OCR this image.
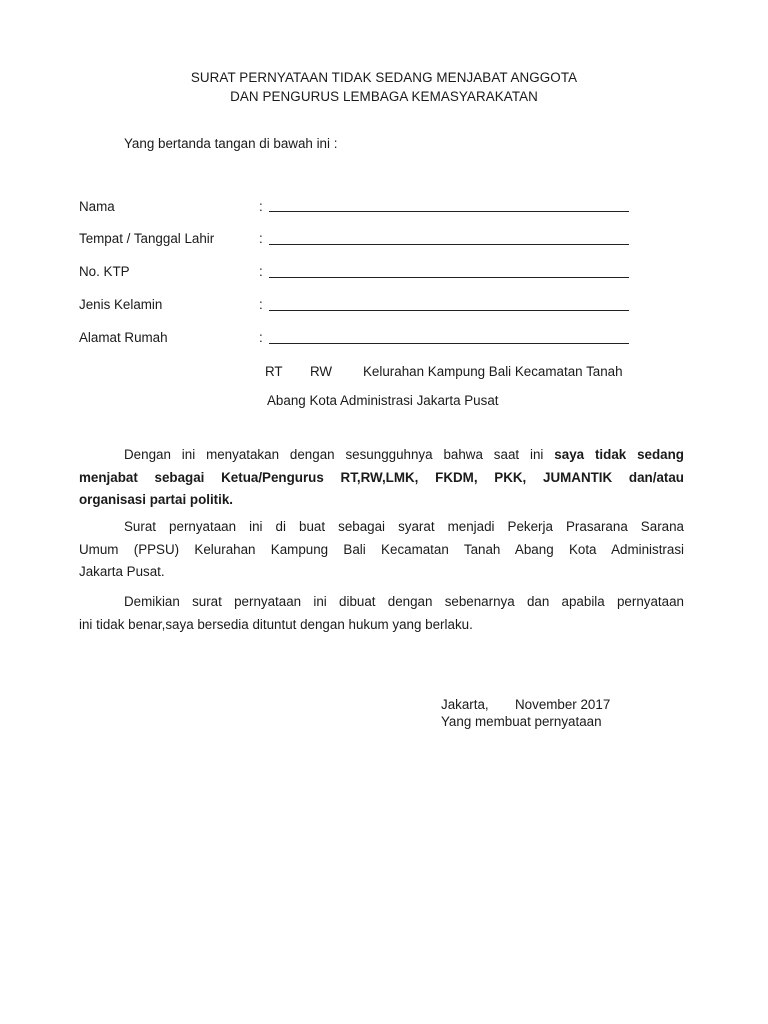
SURAT PERNYATAAN TIDAK SEDANG MENJABAT ANGGOTA
DAN PENGURUS LEMBAGA KEMASYARAKATAN
Yang bertanda tangan di bawah ini :
Nama	:
Tempat / Tanggal Lahir	:
No. KTP	:
Jenis Kelamin	:
Alamat Rumah	:
RT RW Kelurahan Kampung Bali Kecamatan Tanah
Abang Kota Administrasi Jakarta Pusat
Dengan ini menyatakan dengan sesungguhnya bahwa saat ini saya tidak sedang
menjabat sebagai Ketua/Pengurus RT,RW,LMK, FKDM, PKK, JUMANTIK dan/atau
organisasi partai politik.
Surat pernyataan ini di buat sebagai syarat menjadi Pekerja Prasarana Sarana
Umum (PPSU) Kelurahan Kampung Bali Kecamatan Tanah Abang Kota Administrasi
Jakarta Pusat.
Demikian surat pernyataan ini dibuat dengan sebenarnya dan apabila pernyataan
ini tidak benar,saya bersedia dituntut dengan hukum yang berlaku.
Jakarta, November 2017
Yang membuat pernyataan
